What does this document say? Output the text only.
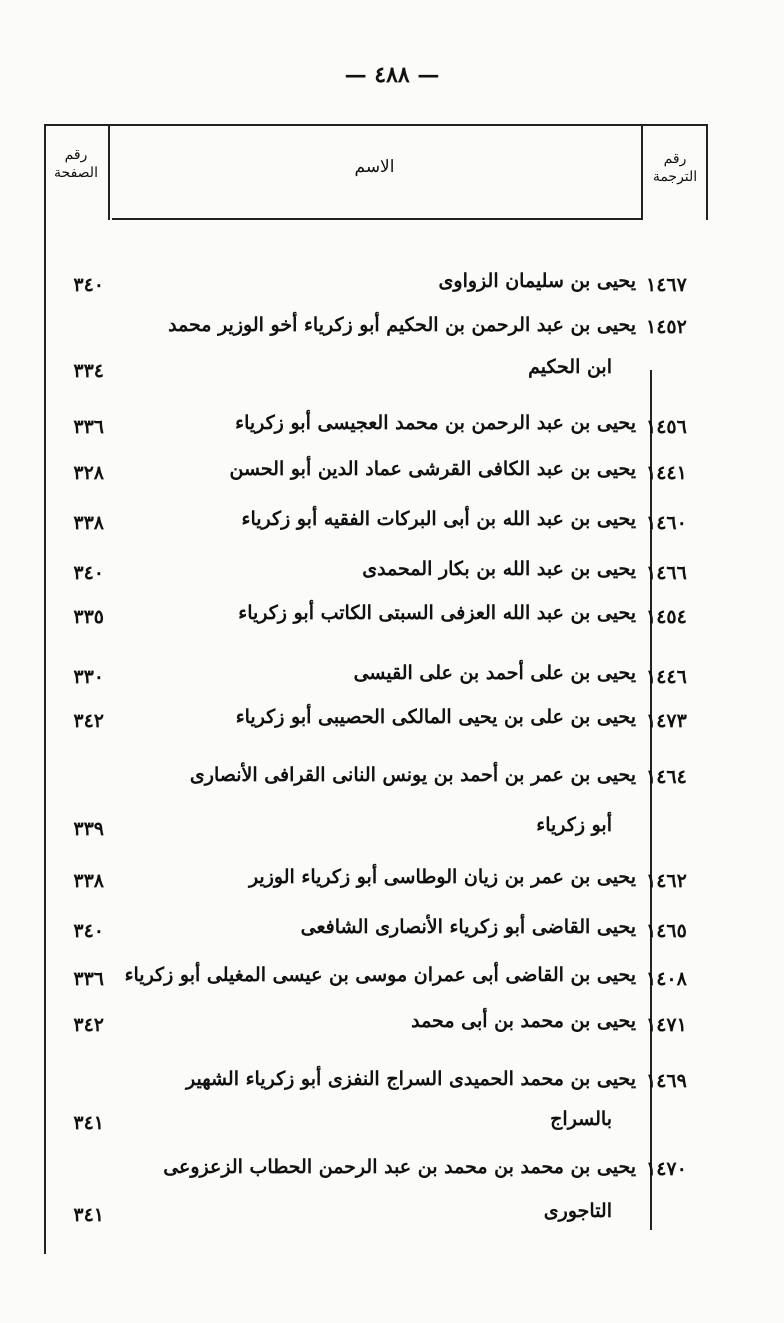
— ٤٨٨ —
رقم الصفحة	الاسم	رقم الترجمة
١٤٦٧
يحيى بن سليمان الزواوى
٣٤٠
١٤٥٢
يحيى بن عبد الرحمن بن الحكيم أبو زكرياء أخو الوزير محمد
ابن الحكيم
٣٣٤
١٤٥٦
يحيى بن عبد الرحمن بن محمد العجيسى أبو زكرياء
٣٣٦
١٤٤١
يحيى بن عبد الكافى القرشى عماد الدين أبو الحسن
٣٢٨
١٤٦٠
يحيى بن عبد الله بن أبى البركات الفقيه أبو زكرياء
٣٣٨
١٤٦٦
يحيى بن عبد الله بن بكار المحمدى
٣٤٠
١٤٥٤
يحيى بن عبد الله العزفى السبتى الكاتب أبو زكرياء
٣٣٥
١٤٤٦
يحيى بن على أحمد بن على القيسى
٣٣٠
١٤٧٣
يحيى بن على بن يحيى المالكى الحصيبى أبو زكرياء
٣٤٢
١٤٦٤
يحيى بن عمر بن أحمد بن يونس النانى القرافى الأنصارى
أبو زكرياء
٣٣٩
١٤٦٢
يحيى بن عمر بن زيان الوطاسى أبو زكرياء الوزير
٣٣٨
١٤٦٥
يحيى القاضى أبو زكرياء الأنصارى الشافعى
٣٤٠
١٤٠٨
يحيى بن القاضى أبى عمران موسى بن عيسى المغيلى أبو زكرياء
٣٣٦
١٤٧١
يحيى بن محمد بن أبى محمد
٣٤٢
١٤٦٩
يحيى بن محمد الحميدى السراج النفزى أبو زكرياء الشهير
بالسراج
٣٤١
١٤٧٠
يحيى بن محمد بن محمد بن عبد الرحمن الحطاب الزعزوعى
التاجورى
٣٤١
